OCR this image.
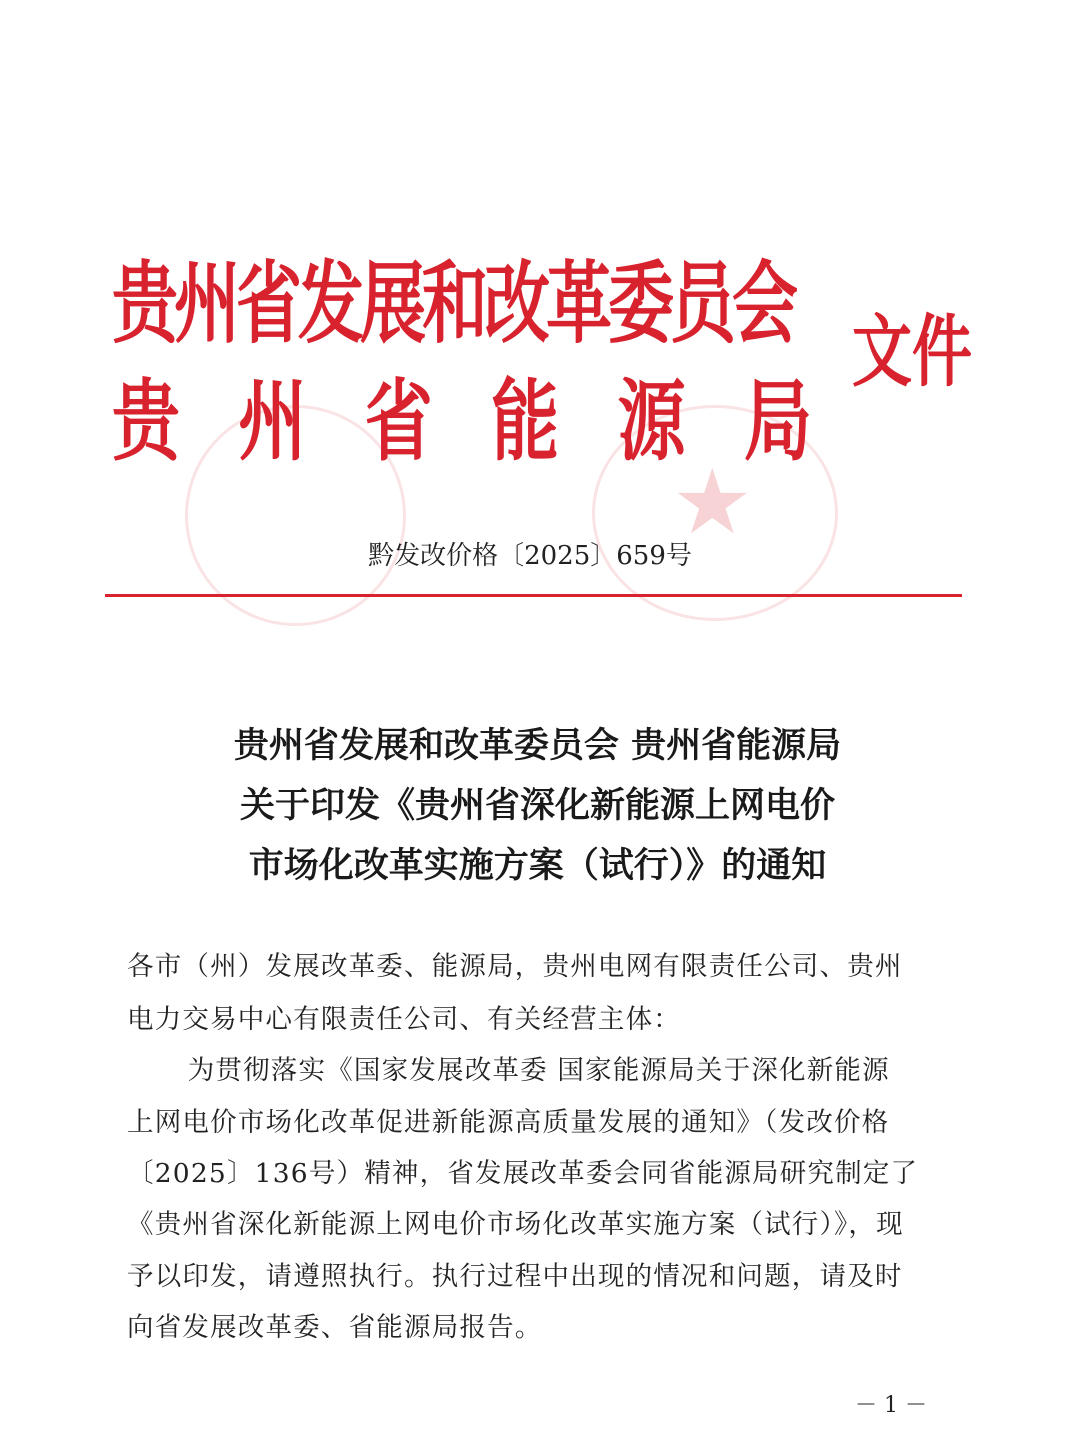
★
贵州省发展和改革委员会
贵 州 省 能 源 局
文件
黔发改价格〔2025〕659号
贵州省发展和改革委员会 贵州省能源局
关于印发《贵州省深化新能源上网电价
市场化改革实施方案（试行）》的通知
各市（州）发展改革委、能源局，贵州电网有限责任公司、贵州
电力交易中心有限责任公司、有关经营主体：
　为贯彻落实《国家发展改革委 国家能源局关于深化新能源
上网电价市场化改革促进新能源高质量发展的通知》（发改价格
〔2025〕136号）精神，省发展改革委会同省能源局研究制定了
《贵州省深化新能源上网电价市场化改革实施方案（试行）》，现
予以印发，请遵照执行。执行过程中出现的情况和问题，请及时
向省发展改革委、省能源局报告。
－ 1 －
